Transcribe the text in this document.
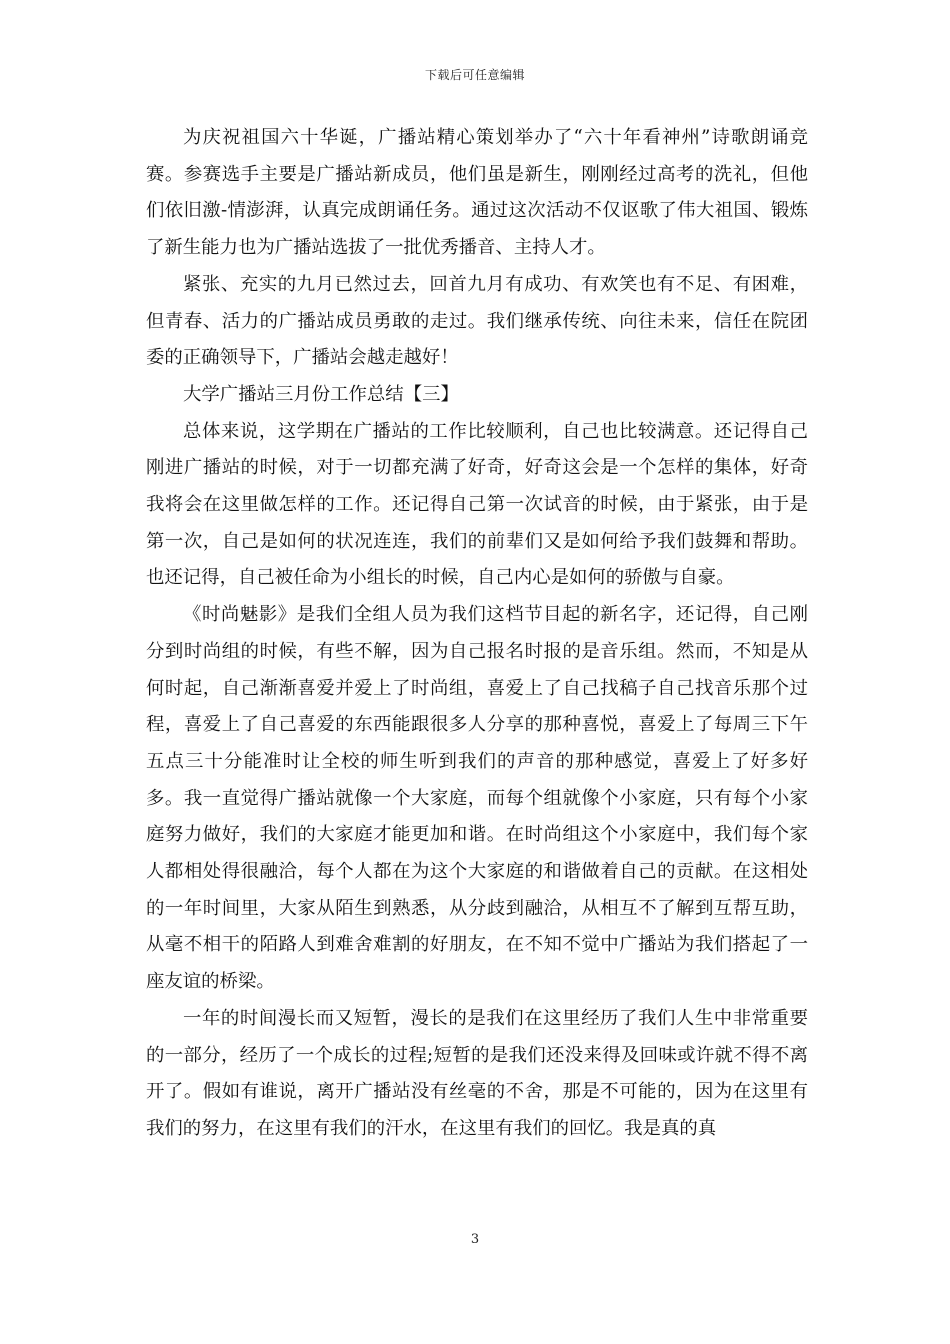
下载后可任意编辑

为庆祝祖国六十华诞，广播站精心策划举办了“六十年看神州”诗歌朗诵竞赛。参赛选手主要是广播站新成员，他们虽是新生，刚刚经过高考的洗礼，但他们依旧激-情澎湃，认真完成朗诵任务。通过这次活动不仅讴歌了伟大祖国、锻炼了新生能力也为广播站选拔了一批优秀播音、主持人才。

紧张、充实的九月已然过去，回首九月有成功、有欢笑也有不足、有困难，但青春、活力的广播站成员勇敢的走过。我们继承传统、向往未来，信任在院团委的正确领导下，广播站会越走越好！

大学广播站三月份工作总结【三】

总体来说，这学期在广播站的工作比较顺利，自己也比较满意。还记得自己刚进广播站的时候，对于一切都充满了好奇，好奇这会是一个怎样的集体，好奇我将会在这里做怎样的工作。还记得自己第一次试音的时候，由于紧张，由于是第一次，自己是如何的状况连连，我们的前辈们又是如何给予我们鼓舞和帮助。也还记得，自己被任命为小组长的时候，自己内心是如何的骄傲与自豪。

《时尚魅影》是我们全组人员为我们这档节目起的新名字，还记得，自己刚分到时尚组的时候，有些不解，因为自己报名时报的是音乐组。然而，不知是从何时起，自己渐渐喜爱并爱上了时尚组，喜爱上了自己找稿子自己找音乐那个过程，喜爱上了自己喜爱的东西能跟很多人分享的那种喜悦，喜爱上了每周三下午五点三十分能准时让全校的师生听到我们的声音的那种感觉，喜爱上了好多好多。我一直觉得广播站就像一个大家庭，而每个组就像个小家庭，只有每个小家庭努力做好，我们的大家庭才能更加和谐。在时尚组这个小家庭中，我们每个家人都相处得很融洽，每个人都在为这个大家庭的和谐做着自己的贡献。在这相处的一年时间里，大家从陌生到熟悉，从分歧到融洽，从相互不了解到互帮互助，从毫不相干的陌路人到难舍难割的好朋友，在不知不觉中广播站为我们搭起了一座友谊的桥梁。

一年的时间漫长而又短暂，漫长的是我们在这里经历了我们人生中非常重要的一部分，经历了一个成长的过程;短暂的是我们还没来得及回味或许就不得不离开了。假如有谁说，离开广播站没有丝毫的不舍，那是不可能的，因为在这里有我们的努力，在这里有我们的汗水，在这里有我们的回忆。我是真的真

3
